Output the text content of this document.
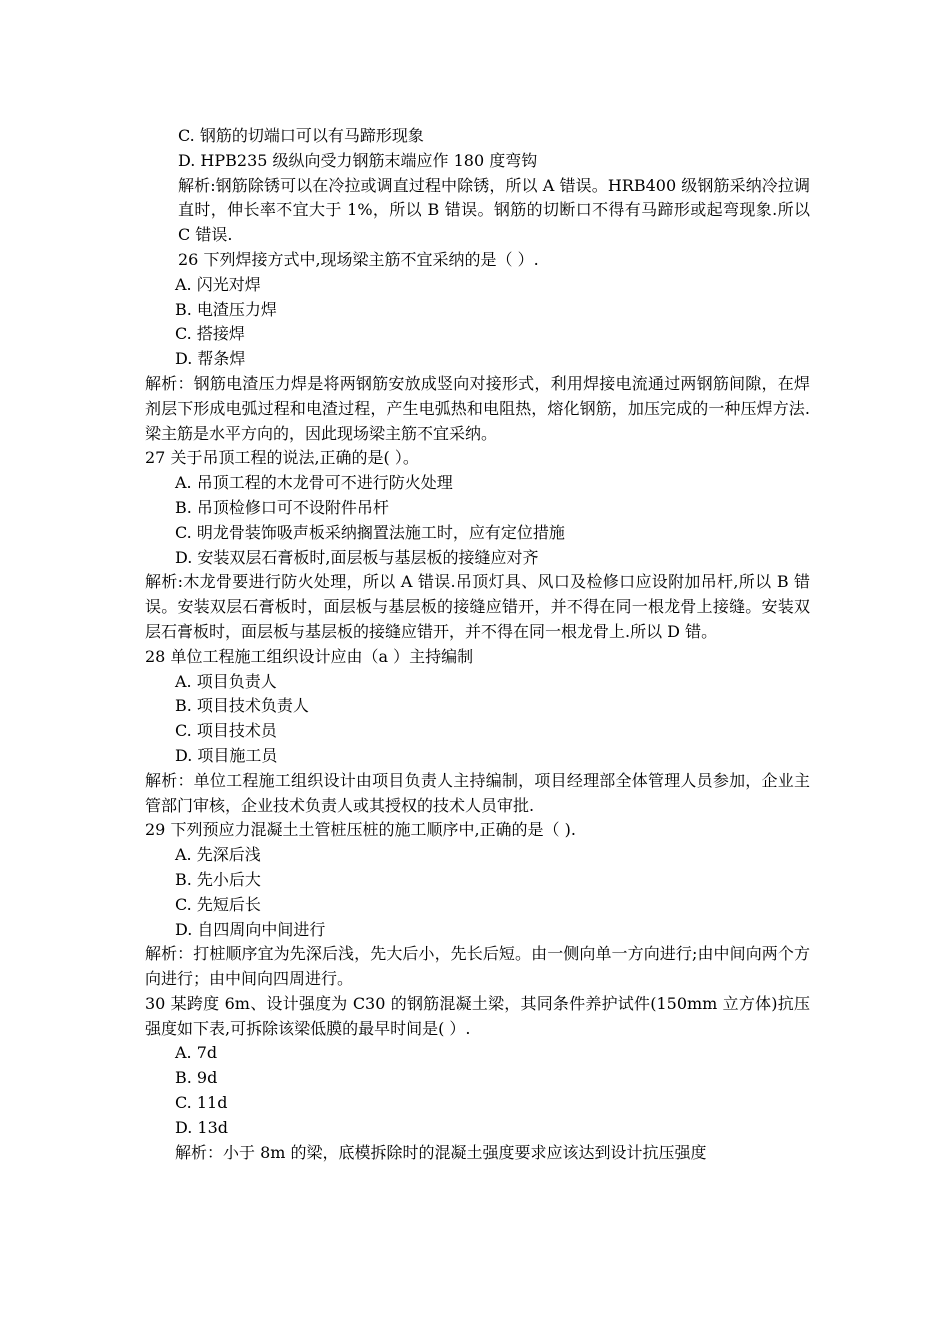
C. 钢筋的切端口可以有马蹄形现象
D. HPB235 级纵向受力钢筋末端应作 180 度弯钩
解析:钢筋除锈可以在冷拉或调直过程中除锈，所以 A 错误。HRB400 级钢筋采纳冷拉调直时，伸长率不宜大于 1%，所以 B 错误。钢筋的切断口不得有马蹄形或起弯现象.所以 C 错误.
26 下列焊接方式中,现场梁主筋不宜采纳的是（ ）.
A. 闪光对焊
B. 电渣压力焊
C. 搭接焊
D. 帮条焊
解析：钢筋电渣压力焊是将两钢筋安放成竖向对接形式，利用焊接电流通过两钢筋间隙，在焊剂层下形成电弧过程和电渣过程，产生电弧热和电阻热，熔化钢筋，加压完成的一种压焊方法.梁主筋是水平方向的，因此现场梁主筋不宜采纳。
27 关于吊顶工程的说法,正确的是( ）。
A. 吊顶工程的木龙骨可不进行防火处理
B. 吊顶检修口可不设附件吊杆
C. 明龙骨装饰吸声板采纳搁置法施工时，应有定位措施
D. 安装双层石膏板时,面层板与基层板的接缝应对齐
解析:木龙骨要进行防火处理，所以 A 错误.吊顶灯具、风口及检修口应设附加吊杆,所以 B 错误。安装双层石膏板时，面层板与基层板的接缝应错开，并不得在同一根龙骨上接缝。安装双层石膏板时，面层板与基层板的接缝应错开，并不得在同一根龙骨上.所以 D 错。
28 单位工程施工组织设计应由（a ）主持编制
A. 项目负责人
B. 项目技术负责人
C. 项目技术员
D. 项目施工员
解析：单位工程施工组织设计由项目负责人主持编制，项目经理部全体管理人员参加，企业主管部门审核，企业技术负责人或其授权的技术人员审批.
29 下列预应力混凝土土管桩压桩的施工顺序中,正确的是（ ).
A. 先深后浅
B. 先小后大
C. 先短后长
D. 自四周向中间进行
解析：打桩顺序宜为先深后浅，先大后小，先长后短。由一侧向单一方向进行;由中间向两个方向进行；由中间向四周进行。
30 某跨度 6m、设计强度为 C30 的钢筋混凝土梁，其同条件养护试件(150mm 立方体)抗压强度如下表,可拆除该梁低膜的最早时间是( ）.
A. 7d
B. 9d
C. 11d
D. 13d
解析：小于 8m 的梁，底模拆除时的混凝土强度要求应该达到设计抗压强度
